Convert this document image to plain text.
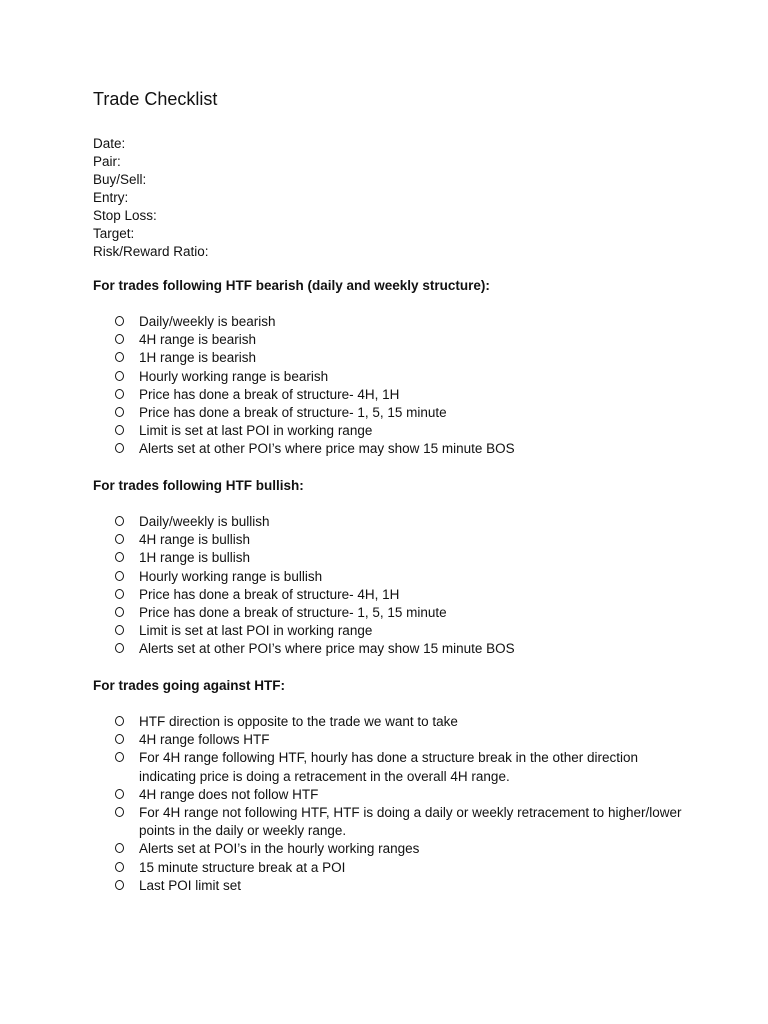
Trade Checklist
Date:
Pair:
Buy/Sell:
Entry:
Stop Loss:
Target:
Risk/Reward Ratio:
For trades following HTF bearish (daily and weekly structure):
Daily/weekly is bearish
4H range is bearish
1H range is bearish
Hourly working range is bearish
Price has done a break of structure- 4H, 1H
Price has done a break of structure- 1, 5, 15 minute
Limit is set at last POI in working range
Alerts set at other POI’s where price may show 15 minute BOS
For trades following HTF bullish:
Daily/weekly is bullish
4H range is bullish
1H range is bullish
Hourly working range is bullish
Price has done a break of structure- 4H, 1H
Price has done a break of structure- 1, 5, 15 minute
Limit is set at last POI in working range
Alerts set at other POI’s where price may show 15 minute BOS
For trades going against HTF:
HTF direction is opposite to the trade we want to take
4H range follows HTF
For 4H range following HTF, hourly has done a structure break in the other direction indicating price is doing a retracement in the overall 4H range.
4H range does not follow HTF
For 4H range not following HTF, HTF is doing a daily or weekly retracement to higher/lower points in the daily or weekly range.
Alerts set at POI’s in the hourly working ranges
15 minute structure break at a POI
Last POI limit set
